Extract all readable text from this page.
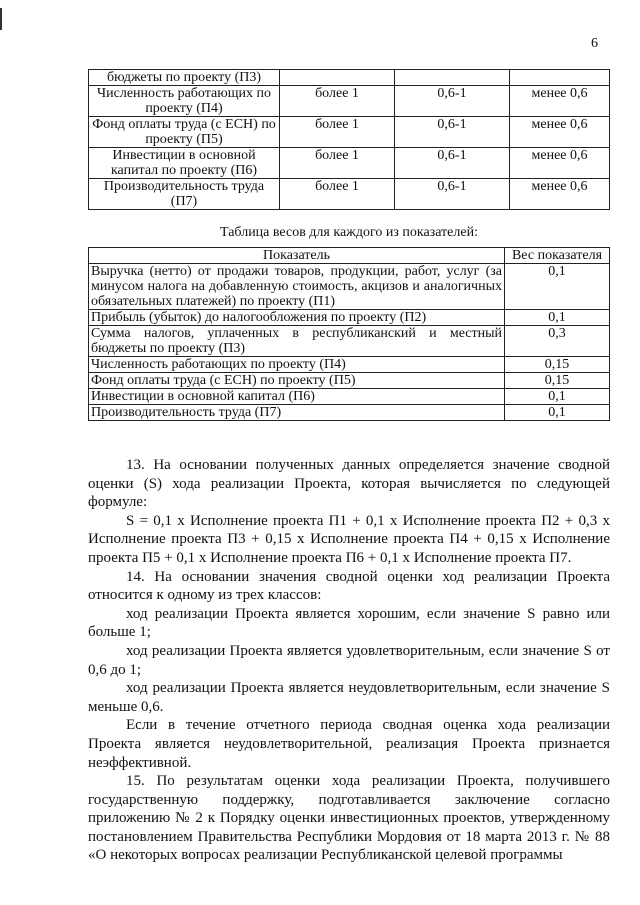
6
бюджеты по проекту (П3)			
Численность работающих по проекту (П4)	более 1	0,6-1	менее 0,6
Фонд оплаты труда (с ЕСН) по проекту (П5)	более 1	0,6-1	менее 0,6
Инвестиции в основной капитал по проекту (П6)	более 1	0,6-1	менее 0,6
Производительность труда (П7)	более 1	0,6-1	менее 0,6
Таблица весов для каждого из показателей:
Показатель	Вес показателя
Выручка (нетто) от продажи товаров, продукции, работ, услуг (за минусом налога на добавленную стоимость, акцизов и аналогичных обязательных платежей) по проекту (П1)	0,1
Прибыль (убыток) до налогообложения по проекту (П2)	0,1
Сумма налогов, уплаченных в республиканский и местный бюджеты по проекту (П3)	0,3
Численность работающих по проекту (П4)	0,15
Фонд оплаты труда (с ЕСН) по проекту (П5)	0,15
Инвестиции в основной капитал (П6)	0,1
Производительность труда (П7)	0,1

13. На основании полученных данных определяется значение сводной оценки (S) хода реализации Проекта, которая вычисляется по следующей формуле:

S = 0,1 x Исполнение проекта П1 + 0,1 x Исполнение проекта П2 + 0,3 x Исполнение проекта П3 + 0,15 x Исполнение проекта П4 + 0,15 x Исполнение проекта П5 + 0,1 x Исполнение проекта П6 + 0,1 x Исполнение проекта П7.

14. На основании значения сводной оценки ход реализации Проекта относится к одному из трех классов:

ход реализации Проекта является хорошим, если значение S равно или больше 1;

ход реализации Проекта является удовлетворительным, если значение S от 0,6 до 1;

ход реализации Проекта является неудовлетворительным, если значение S меньше 0,6.

Если в течение отчетного периода сводная оценка хода реализации Проекта является неудовлетворительной, реализация Проекта признается неэффективной.

15. По результатам оценки хода реализации Проекта, получившего государственную поддержку, подготавливается заключение согласно приложению № 2 к Порядку оценки инвестиционных проектов, утвержденному постановлением Правительства Республики Мордовия от 18 марта 2013 г. № 88 «О некоторых вопросах реализации Республиканской целевой программы
